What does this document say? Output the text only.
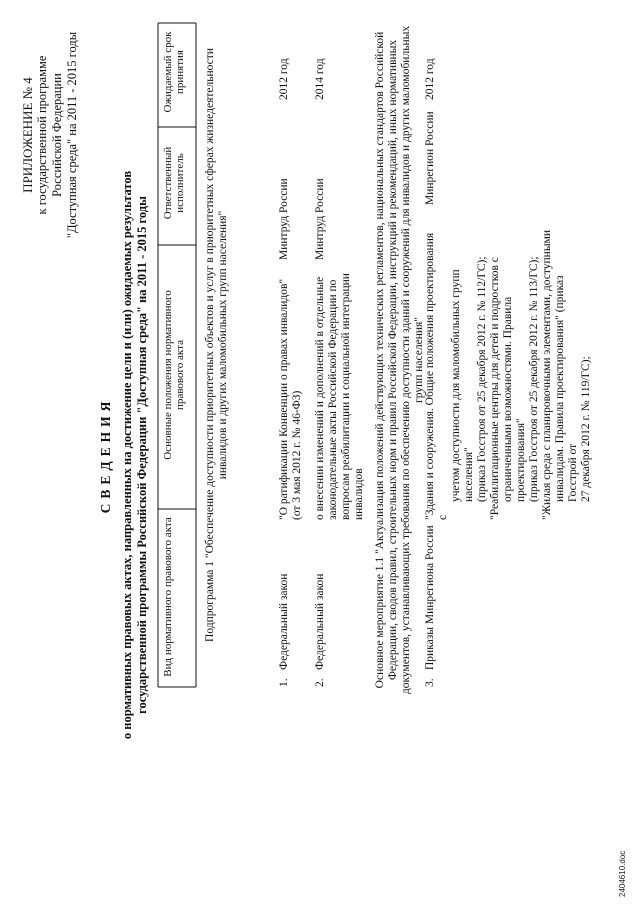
ПРИЛОЖЕНИЕ № 4 к государственной программе Российской Федерации "Доступная среда" на 2011 - 2015 годы
СВЕДЕНИЯ о нормативных правовых актах, направленных на достижение цели и (или) ожидаемых результатов государственной программы Российской Федерации "Доступная среда" на 2011 - 2015 годы Вид нормативного правового акта
Основные положения нормативного правового акта
Ответственный исполнитель
Ожидаемый срок принятия Подпрограмма 1 "Обеспечение доступности приоритетных объектов и услуг в приоритетных сферах жизнедеятельности инвалидов и других маломобильных групп населения"
1.
Федеральный закон
"О ратификации Конвенции о правах инвалидов" (от 3 мая 2012 г. № 46-ФЗ)
Минтруд России
2012 год
2.
Федеральный закон
о внесении изменений и дополнений в отдельные законодательные акты Российской Федерации по вопросам реабилитации и социальной интеграции инвалидов
Минтруд России
2014 год	Основное мероприятие 1.1 "Актуализация положений действующих технических регламентов, национальных стандартов Российской Федерации, сводов правил, строительных норм и правил Российской Федерации, инструкций и рекомендаций, иных нормативных документов, устанавливающих требования по обеспечению доступности зданий и сооружений для инвалидов и других маломобильных групп населения"
3.
Приказы Минрегиона России
"Здания и сооружения. Общие положения проектирования с
учетом доступности для маломобильных групп населения" (приказ Госстроя от 25 декабря 2012 г. № 112/ГС); "Реабилитационные центры для детей и подростков с ограниченными возможностями. Правила проектирования" (приказ Госстроя от 25 декабря 2012 г. № 113/ГС); "Жилая среда с планировочными элементами, доступными инвалидам. Правила проектирования" (приказ Госстрой от 27 декабря 2012 г. № 119/ГС);
Минрегион России
2012 год
2404610.doc
